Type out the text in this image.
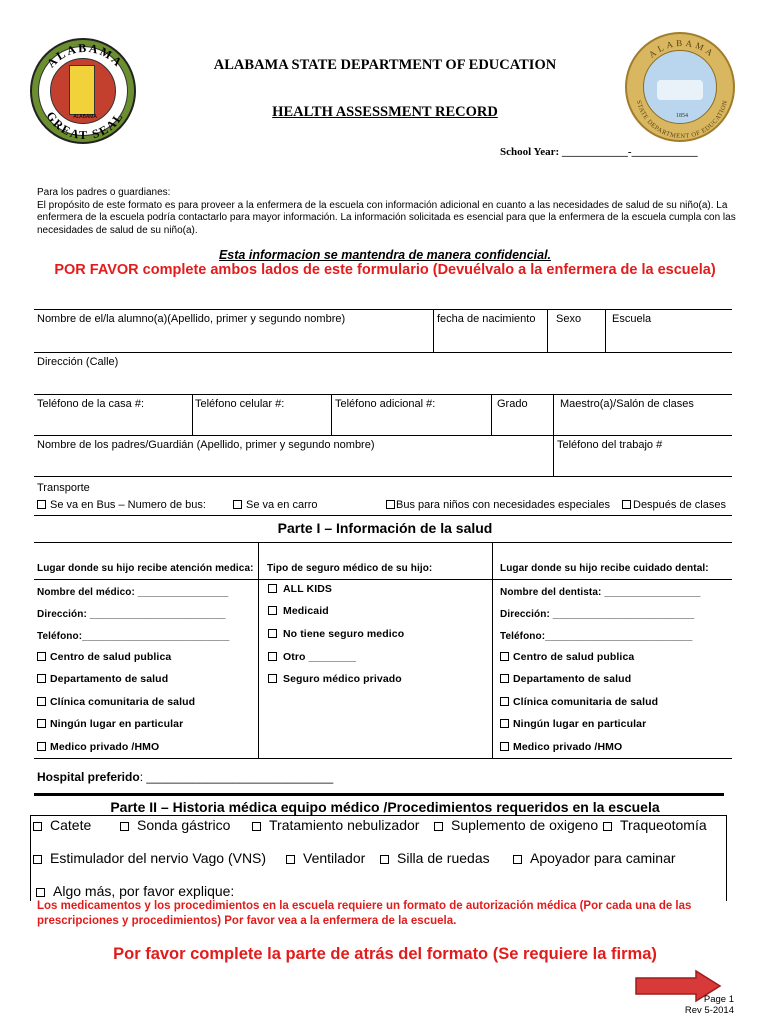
ALABAMA
GREAT SEAL
ALABAMA
ALABAMA STATE DEPARTMENT OF EDUCATION
HEALTH ASSESSMENT RECORD
ALABAMA
STATE DEPARTMENT OF EDUCATION
1854
School Year: ____________-____________
Para los padres o guardianes:
El propósito de este formato es para proveer a la enfermera de la escuela con información adicional en cuanto a las necesidades de salud de su niño(a). La enfermera de la escuela podría contactarlo para mayor información. La información solicitada es esencial para que la enfermera de la escuela cumpla con las necesidades de salud de su niño(a).
Esta informacion se mantendra de manera confidencial.
POR FAVOR complete ambos lados de este formulario (Devuélvalo a la enfermera de la escuela)
Nombre de el/la alumno(a)(Apellido, primer y segundo nombre)	fecha de nacimiento Sexo	Escuela
Dirección (Calle)
Teléfono de la casa #:	Teléfono celular #:	Teléfono adicional #:	Grado	Maestro(a)/Salón de clases
Nombre de los padres/Guardián (Apellido, primer y segundo nombre)	Teléfono del trabajo #
Transporte
Se va en Bus – Numero de bus:	Se va en carro	Bus para niños con necesidades especiales	Después de clases
Parte I – Información de la salud
Lugar donde su hijo recibe atención medica:
Nombre del médico: ________________
Dirección: ________________________
Teléfono:__________________________
Centro de salud publica
Departamento de salud
Clínica comunitaria de salud
Ningún lugar en particular
Medico privado /HMO
Tipo de seguro médico de su hijo:
ALL KIDS
Medicaid
No tiene seguro medico
Otro ________
Seguro médico privado
Lugar donde su hijo recibe cuidado dental:
Nombre del dentista: _________________
Dirección: _________________________
Teléfono:__________________________
Centro de salud publica
Departamento de salud
Clínica comunitaria de salud
Ningún lugar en particular
Medico privado /HMO
Hospital preferido: ____________________________
Parte II – Historia médica equipo médico /Procedimientos requeridos en la escuela
Catete	Sonda gástrico	Tratamiento nebulizador	Suplemento de oxigeno	Traqueotomía
Estimulador del nervio Vago (VNS)	Ventilador	Silla de ruedas	Apoyador para caminar
Algo más, por favor explique:
Los medicamentos y los procedimientos en la escuela requiere un formato de autorización médica (Por cada una de las prescripciones y procedimientos) Por favor vea a la enfermera de la escuela.
Por favor complete la parte de atrás del formato (Se requiere la firma)
Page 1
Rev 5-2014
